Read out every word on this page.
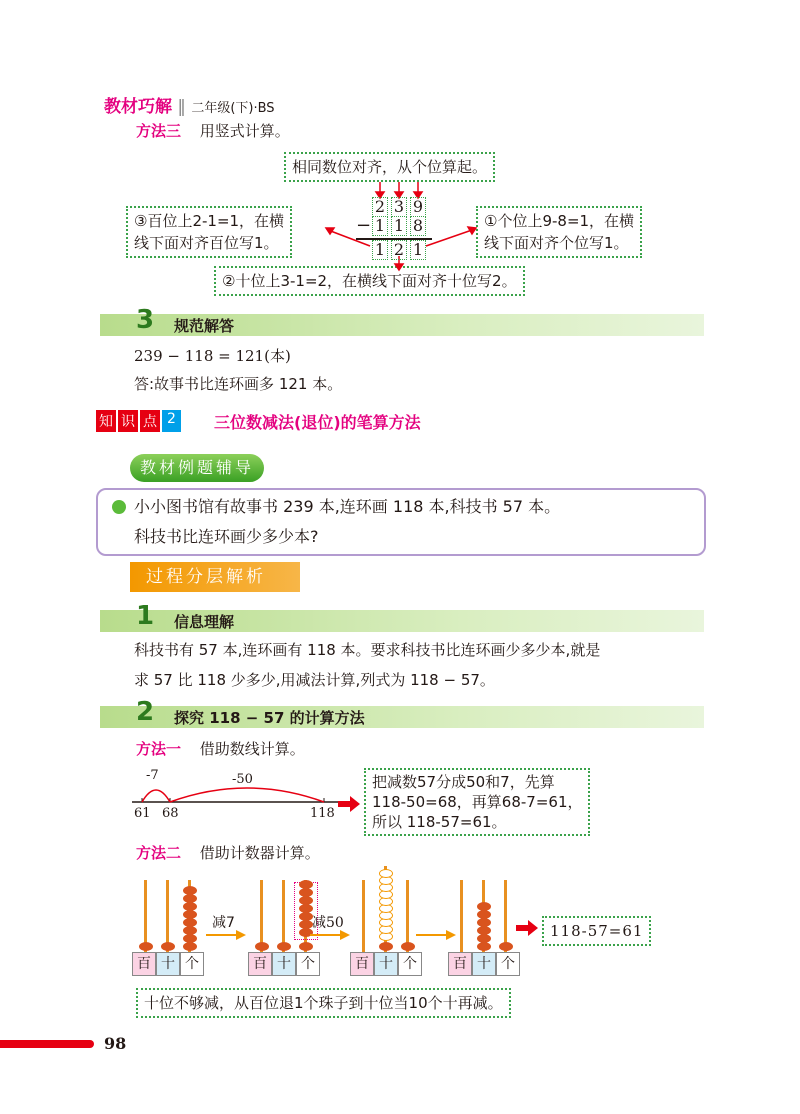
教材巧解 ‖ 二年级(下)·BS
方法三 用竖式计算。
相同数位对齐，从个位算起。
③百位上2-1=1，在横
线下面对齐百位写1。
①个位上9-8=1，在横
线下面对齐个位写1。
②十位上3-1=2，在横线下面对齐十位写2。
2 3 9
− 1 1 8
1 2 1
3 规范解答
239 − 118 = 121(本)
答:故事书比连环画多 121 本。
知 识 点 2	三位数减法(退位)的笔算方法
教材例题辅导
小小图书馆有故事书 239 本,连环画 118 本,科技书 57 本。
科技书比连环画少多少本?
过程分层解析
1 信息理解
科技书有 57 本,连环画有 118 本。要求科技书比连环画少多少本,就是
求 57 比 118 少多少,用减法计算,列式为 118 − 57。
2 探究 118 − 57 的计算方法
方法一 借助数线计算。
-7	-50
61 68	118
把减数57分成50和7，先算
118-50=68，再算68-7=61，
所以 118-57=61。
方法二 借助计数器计算。
百 十 个
减7
百 十 个
减50
百 十 个	百 十 个
118-57=61
十位不够减，从百位退1个珠子到十位当10个十再减。
98
